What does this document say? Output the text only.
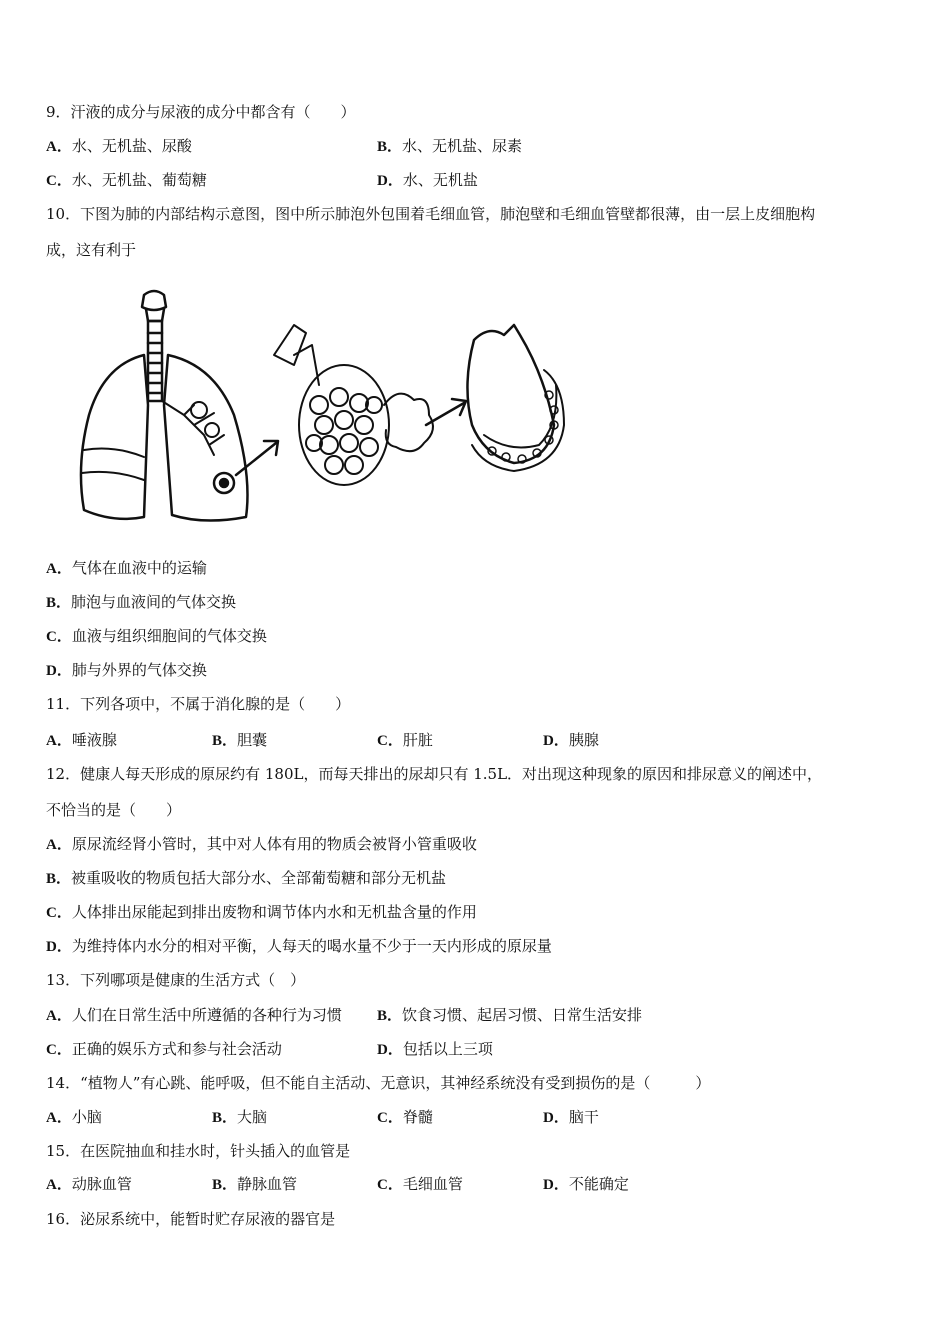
9．汗液的成分与尿液的成分中都含有（　　）
A．水、无机盐、尿酸	B．水、无机盐、尿素
C．水、无机盐、葡萄糖	D．水、无机盐
10．下图为肺的内部结构示意图，图中所示肺泡外包围着毛细血管，肺泡壁和毛细血管壁都很薄，由一层上皮细胞构
成，这有利于
A．气体在血液中的运输
B．肺泡与血液间的气体交换
C．血液与组织细胞间的气体交换
D．肺与外界的气体交换
11．下列各项中，不属于消化腺的是（　　）
A．唾液腺	B．胆囊	C．肝脏	D．胰腺
12．健康人每天形成的原尿约有 180L，而每天排出的尿却只有 1.5L．对出现这种现象的原因和排尿意义的阐述中，
不恰当的是（　　）
A．原尿流经肾小管时，其中对人体有用的物质会被肾小管重吸收
B．被重吸收的物质包括大部分水、全部葡萄糖和部分无机盐
C．人体排出尿能起到排出废物和调节体内水和无机盐含量的作用
D．为维持体内水分的相对平衡，人每天的喝水量不少于一天内形成的原尿量
13．下列哪项是健康的生活方式（　）
A．人们在日常生活中所遵循的各种行为习惯 B．饮食习惯、起居习惯、日常生活安排
C．正确的娱乐方式和参与社会活动	D．包括以上三项
14．“植物人”有心跳、能呼吸，但不能自主活动、无意识，其神经系统没有受到损伤的是（　　　）
A．小脑	B．大脑	C．脊髓	D．脑干
15．在医院抽血和挂水时，针头插入的血管是
A．动脉血管	B．静脉血管	C．毛细血管	D．不能确定
16．泌尿系统中，能暂时贮存尿液的器官是
